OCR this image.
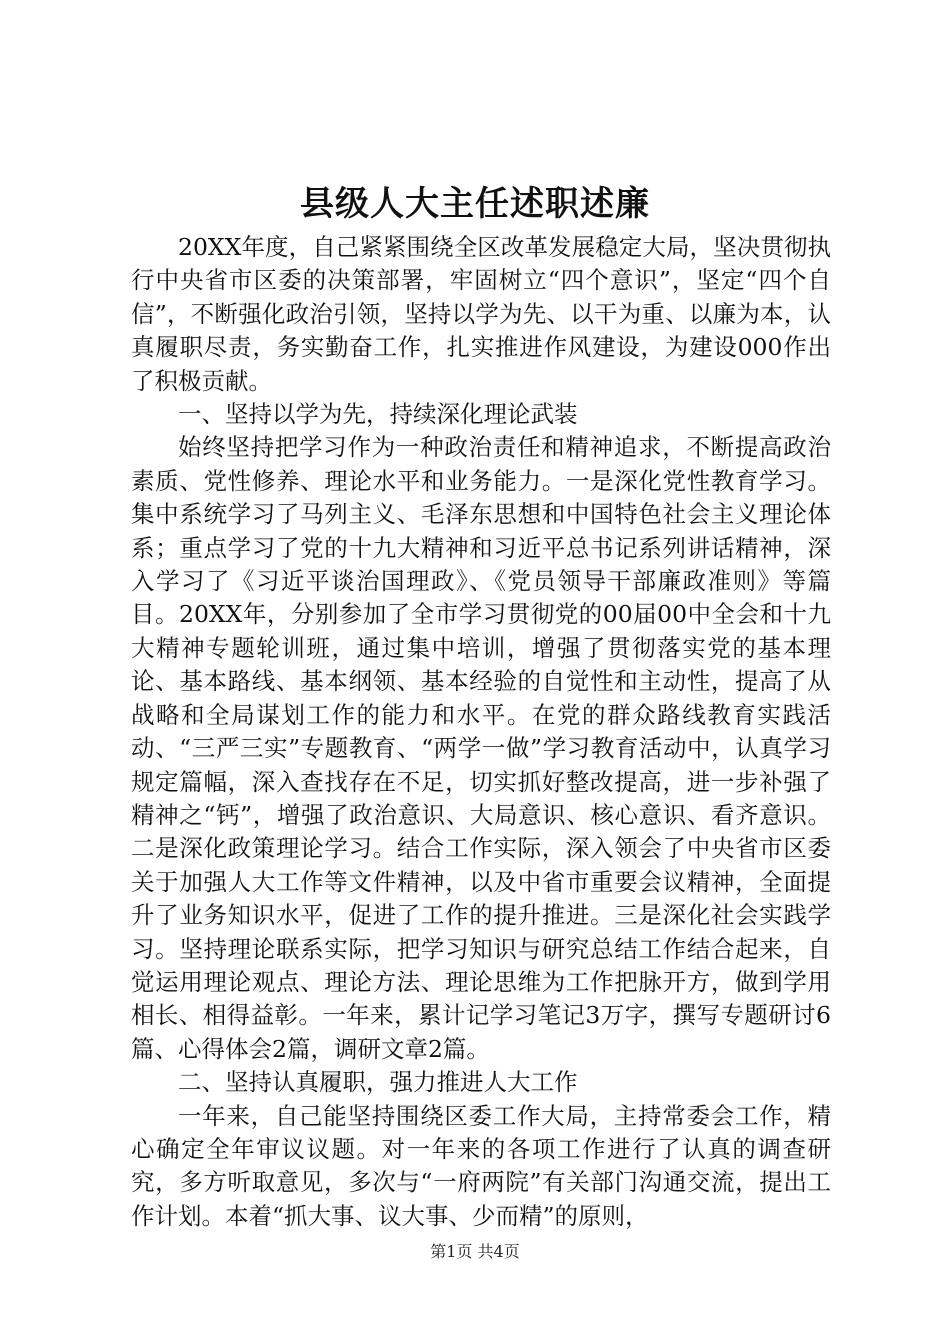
县级人大主任述职述廉

20XX年度，自己紧紧围绕全区改革发展稳定大局，坚决贯彻执行中央省市区委的决策部署，牢固树立“四个意识”，坚定“四个自信”，不断强化政治引领，坚持以学为先、以干为重、以廉为本，认真履职尽责，务实勤奋工作，扎实推进作风建设，为建设000作出了积极贡献。

一、坚持以学为先，持续深化理论武装

始终坚持把学习作为一种政治责任和精神追求，不断提高政治素质、党性修养、理论水平和业务能力。一是深化党性教育学习。集中系统学习了马列主义、毛泽东思想和中国特色社会主义理论体系；重点学习了党的十九大精神和习近平总书记系列讲话精神，深入学习了《习近平谈治国理政》、《党员领导干部廉政准则》等篇目。20XX年，分别参加了全市学习贯彻党的00届00中全会和十九大精神专题轮训班，通过集中培训，增强了贯彻落实党的基本理论、基本路线、基本纲领、基本经验的自觉性和主动性，提高了从战略和全局谋划工作的能力和水平。在党的群众路线教育实践活动、“三严三实”专题教育、“两学一做”学习教育活动中，认真学习规定篇幅，深入查找存在不足，切实抓好整改提高，进一步补强了精神之“钙”，增强了政治意识、大局意识、核心意识、看齐意识。二是深化政策理论学习。结合工作实际，深入领会了中央省市区委关于加强人大工作等文件精神，以及中省市重要会议精神，全面提升了业务知识水平，促进了工作的提升推进。三是深化社会实践学习。坚持理论联系实际，把学习知识与研究总结工作结合起来，自觉运用理论观点、理论方法、理论思维为工作把脉开方，做到学用相长、相得益彰。一年来，累计记学习笔记3万字，撰写专题研讨6篇、心得体会2篇，调研文章2篇。

二、坚持认真履职，强力推进人大工作

一年来，自己能坚持围绕区委工作大局，主持常委会工作，精心确定全年审议议题。对一年来的各项工作进行了认真的调查研究，多方听取意见，多次与“一府两院”有关部门沟通交流，提出工作计划。本着“抓大事、议大事、少而精”的原则，

第1页 共4页
